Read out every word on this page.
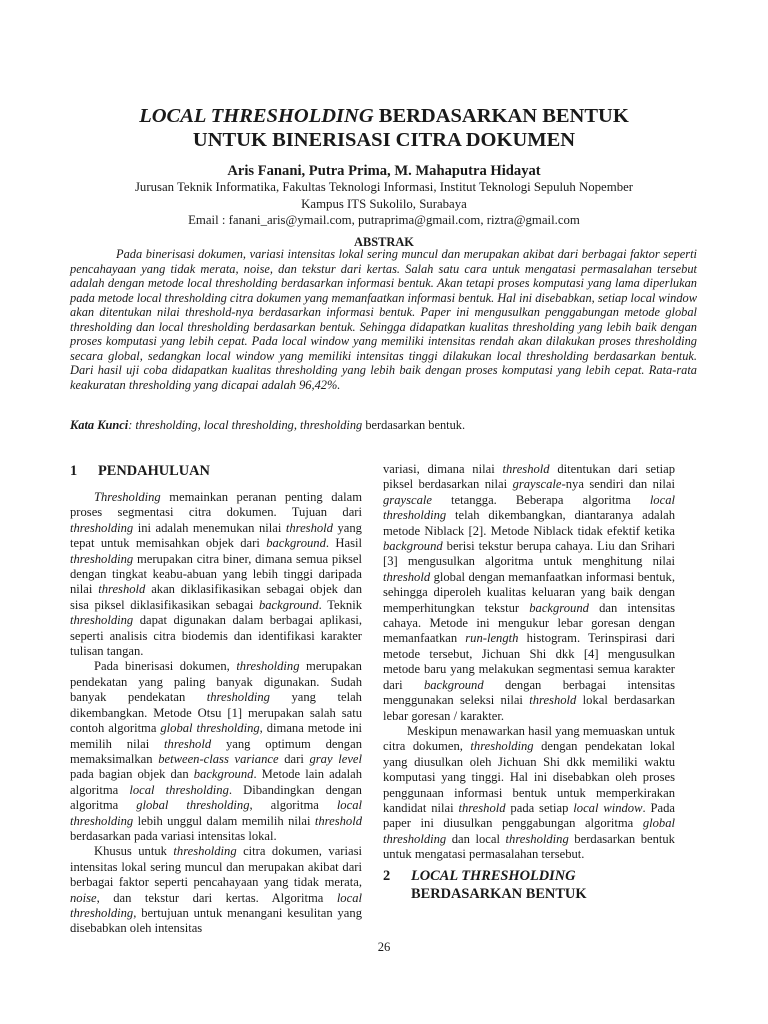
LOCAL THRESHOLDING BERDASARKAN BENTUK
UNTUK BINERISASI CITRA DOKUMEN
Aris Fanani, Putra Prima, M. Mahaputra Hidayat
Jurusan Teknik Informatika, Fakultas Teknologi Informasi, Institut Teknologi Sepuluh Nopember
Kampus ITS Sukolilo, Surabaya
Email : fanani_aris@ymail.com, putraprima@gmail.com, riztra@gmail.com
ABSTRAK
Pada binerisasi dokumen, variasi intensitas lokal sering muncul dan merupakan akibat dari berbagai faktor seperti pencahayaan yang tidak merata, noise, dan tekstur dari kertas. Salah satu cara untuk mengatasi permasalahan tersebut adalah dengan metode local thresholding berdasarkan informasi bentuk. Akan tetapi proses komputasi yang lama diperlukan pada metode local thresholding citra dokumen yang memanfaatkan informasi bentuk. Hal ini disebabkan, setiap local window akan ditentukan nilai threshold-nya berdasarkan informasi bentuk. Paper ini mengusulkan penggabungan metode global thresholding dan local thresholding berdasarkan bentuk. Sehingga didapatkan kualitas thresholding yang lebih baik dengan proses komputasi yang lebih cepat. Pada local window yang memiliki intensitas rendah akan dilakukan proses thresholding secara global, sedangkan local window yang memiliki intensitas tinggi dilakukan local thresholding berdasarkan bentuk. Dari hasil uji coba didapatkan kualitas thresholding yang lebih baik dengan proses komputasi yang lebih cepat. Rata-rata keakuratan thresholding yang dicapai adalah 96,42%.
Kata Kunci: thresholding, local thresholding, thresholding berdasarkan bentuk.
1 PENDAHULUAN

Thresholding memainkan peranan penting dalam proses segmentasi citra dokumen. Tujuan dari thresholding ini adalah menemukan nilai threshold yang tepat untuk memisahkan objek dari background. Hasil thresholding merupakan citra biner, dimana semua piksel dengan tingkat keabu-abuan yang lebih tinggi daripada nilai threshold akan diklasifikasikan sebagai objek dan sisa piksel diklasifikasikan sebagai background. Teknik thresholding dapat digunakan dalam berbagai aplikasi, seperti analisis citra biodemis dan identifikasi karakter tulisan tangan.

Pada binerisasi dokumen, thresholding merupakan pendekatan yang paling banyak digunakan. Sudah banyak pendekatan thresholding yang telah dikembangkan. Metode Otsu [1] merupakan salah satu contoh algoritma global thresholding, dimana metode ini memilih nilai threshold yang optimum dengan memaksimalkan between-class variance dari gray level pada bagian objek dan background. Metode lain adalah algoritma local thresholding. Dibandingkan dengan algoritma global thresholding, algoritma local thresholding lebih unggul dalam memilih nilai threshold berdasarkan pada variasi intensitas lokal.

Khusus untuk thresholding citra dokumen, variasi intensitas lokal sering muncul dan merupakan akibat dari berbagai faktor seperti pencahayaan yang tidak merata, noise, dan tekstur dari kertas. Algoritma local thresholding, bertujuan untuk menangani kesulitan yang disebabkan oleh intensitas

variasi, dimana nilai threshold ditentukan dari setiap piksel berdasarkan nilai grayscale-nya sendiri dan nilai grayscale tetangga. Beberapa algoritma local thresholding telah dikembangkan, diantaranya adalah metode Niblack [2]. Metode Niblack tidak efektif ketika background berisi tekstur berupa cahaya. Liu dan Srihari [3] mengusulkan algoritma untuk menghitung nilai threshold global dengan memanfaatkan informasi bentuk, sehingga diperoleh kualitas keluaran yang baik dengan memperhitungkan tekstur background dan intensitas cahaya. Metode ini mengukur lebar goresan dengan memanfaatkan run-length histogram. Terinspirasi dari metode tersebut, Jichuan Shi dkk [4] mengusulkan metode baru yang melakukan segmentasi semua karakter dari background dengan berbagai intensitas menggunakan seleksi nilai threshold lokal berdasarkan lebar goresan / karakter.

Meskipun menawarkan hasil yang memuaskan untuk citra dokumen, thresholding dengan pendekatan lokal yang diusulkan oleh Jichuan Shi dkk memiliki waktu komputasi yang tinggi. Hal ini disebabkan oleh proses penggunaan informasi bentuk untuk memperkirakan kandidat nilai threshold pada setiap local window. Pada paper ini diusulkan penggabungan algoritma global thresholding dan local thresholding berdasarkan bentuk untuk mengatasi permasalahan tersebut.

2 LOCAL THRESHOLDING
BERDASARKAN BENTUK
26
